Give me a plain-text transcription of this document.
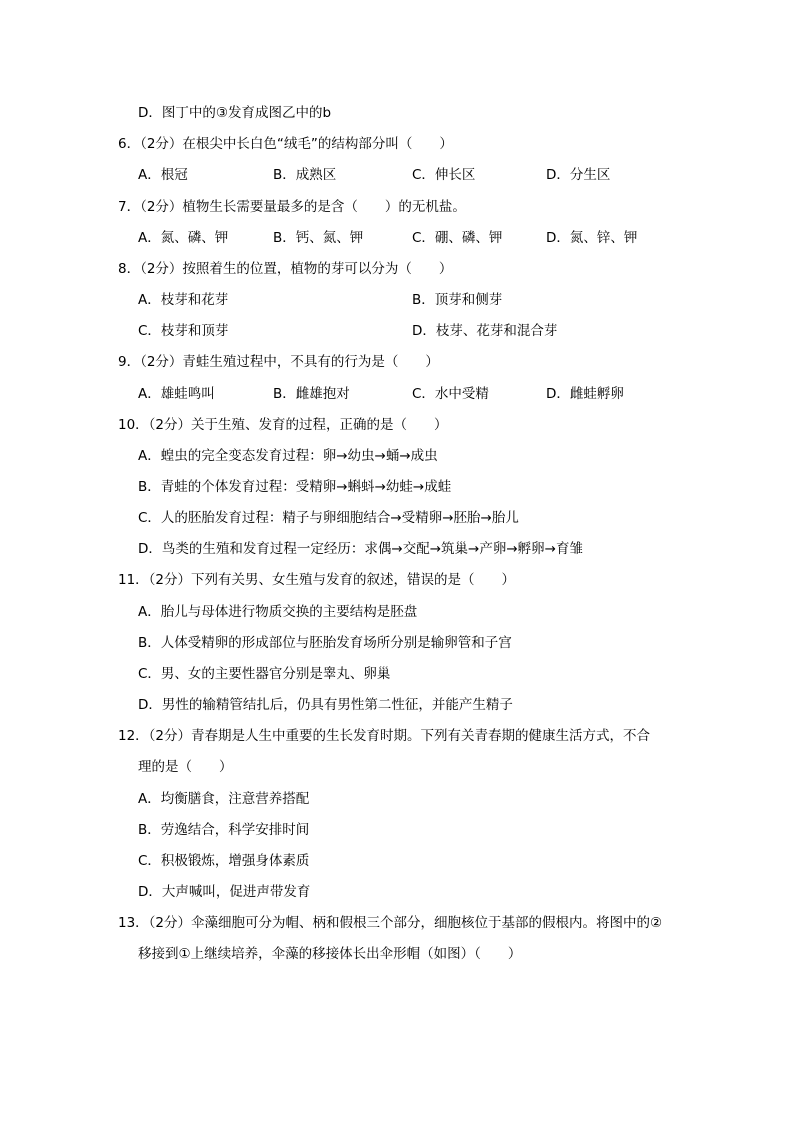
D．图丁中的③发育成图乙中的b
6．（2分）在根尖中长白色“绒毛”的结构部分叫（　　）
A．根冠	B．成熟区	C．伸长区	D．分生区
7．（2分）植物生长需要量最多的是含（　　）的无机盐。
A．氮、磷、钾	B．钙、氮、钾	C．硼、磷、钾	D．氮、锌、钾
8．（2分）按照着生的位置，植物的芽可以分为（　　）
A．枝芽和花芽	B．顶芽和侧芽
C．枝芽和顶芽	D．枝芽、花芽和混合芽
9．（2分）青蛙生殖过程中，不具有的行为是（　　）
A．雄蛙鸣叫	B．雌雄抱对	C．水中受精	D．雌蛙孵卵
10．（2分）关于生殖、发育的过程，正确的是（　　）
A．蝗虫的完全变态发育过程：卵→幼虫→蛹→成虫
B．青蛙的个体发育过程：受精卵→蝌蚪→幼蛙→成蛙
C．人的胚胎发育过程：精子与卵细胞结合→受精卵→胚胎→胎儿
D．鸟类的生殖和发育过程一定经历：求偶→交配→筑巢→产卵→孵卵→育雏
11．（2分）下列有关男、女生殖与发育的叙述，错误的是（　　）
A．胎儿与母体进行物质交换的主要结构是胚盘
B．人体受精卵的形成部位与胚胎发育场所分别是输卵管和子宫
C．男、女的主要性器官分别是睾丸、卵巢
D．男性的输精管结扎后，仍具有男性第二性征，并能产生精子
12．（2分）青春期是人生中重要的生长发育时期。下列有关青春期的健康生活方式，不合
理的是（　　）
A．均衡膳食，注意营养搭配
B．劳逸结合，科学安排时间
C．积极锻炼，增强身体素质
D．大声喊叫，促进声带发育
13．（2分）伞藻细胞可分为帽、柄和假根三个部分，细胞核位于基部的假根内。将图中的②
移接到①上继续培养，伞藻的移接体长出伞形帽（如图）（　　）
